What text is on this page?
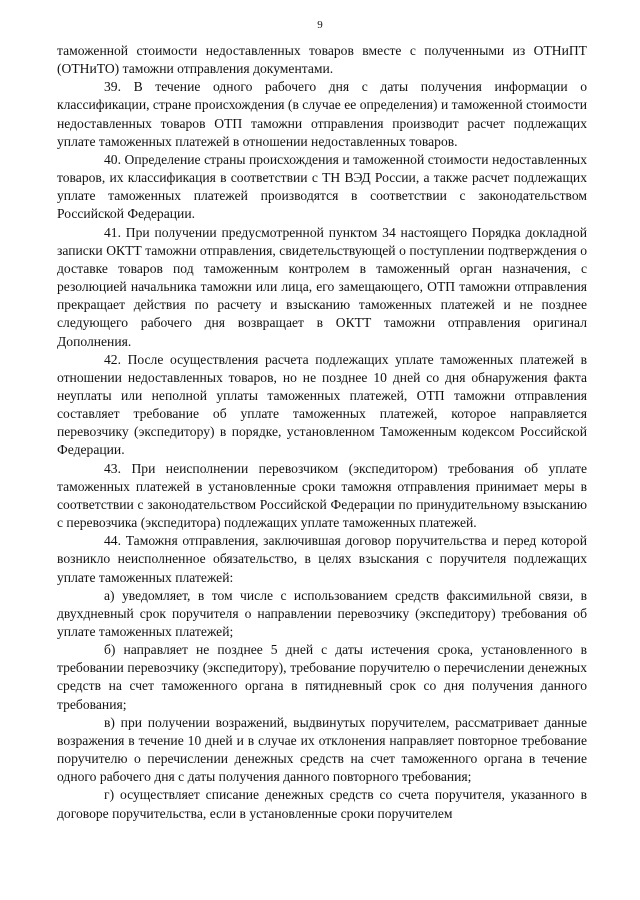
9

таможенной стоимости недоставленных товаров вместе с полученными из ОТНиПТ (ОТНиТО) таможни отправления документами.

39. В течение одного рабочего дня с даты получения информации о классификации, стране происхождения (в случае ее определения) и таможенной стоимости недоставленных товаров ОТП таможни отправления производит расчет подлежащих уплате таможенных платежей в отношении недоставленных товаров.

40. Определение страны происхождения и таможенной стоимости недоставленных товаров, их классификация в соответствии с ТН ВЭД России, а также расчет подлежащих уплате таможенных платежей производятся в соответствии с законодательством Российской Федерации.

41. При получении предусмотренной пунктом 34 настоящего Порядка докладной записки ОКТТ таможни отправления, свидетельствующей о поступлении подтверждения о доставке товаров под таможенным контролем в таможенный орган назначения, с резолюцией начальника таможни или лица, его замещающего, ОТП таможни отправления прекращает действия по расчету и взысканию таможенных платежей и не позднее следующего рабочего дня возвращает в ОКТТ таможни отправления оригинал Дополнения.

42. После осуществления расчета подлежащих уплате таможенных платежей в отношении недоставленных товаров, но не позднее 10 дней со дня обнаружения факта неуплаты или неполной уплаты таможенных платежей, ОТП таможни отправления составляет требование об уплате таможенных платежей, которое направляется перевозчику (экспедитору) в порядке, установленном Таможенным кодексом Российской Федерации.

43. При неисполнении перевозчиком (экспедитором) требования об уплате таможенных платежей в установленные сроки таможня отправления принимает меры в соответствии с законодательством Российской Федерации по принудительному взысканию с перевозчика (экспедитора) подлежащих уплате таможенных платежей.

44. Таможня отправления, заключившая договор поручительства и перед которой возникло неисполненное обязательство, в целях взыскания с поручителя подлежащих уплате таможенных платежей:

а) уведомляет, в том числе с использованием средств факсимильной связи, в двухдневный срок поручителя о направлении перевозчику (экспедитору) требования об уплате таможенных платежей;

б) направляет не позднее 5 дней с даты истечения срока, установленного в требовании перевозчику (экспедитору), требование поручителю о перечислении денежных средств на счет таможенного органа в пятидневный срок со дня получения данного требования;

в) при получении возражений, выдвинутых поручителем, рассматривает данные возражения в течение 10 дней и в случае их отклонения направляет повторное требование поручителю о перечислении денежных средств на счет таможенного органа в течение одного рабочего дня с даты получения данного повторного требования;

г) осуществляет списание денежных средств со счета поручителя, указанного в договоре поручительства, если в установленные сроки поручителем
